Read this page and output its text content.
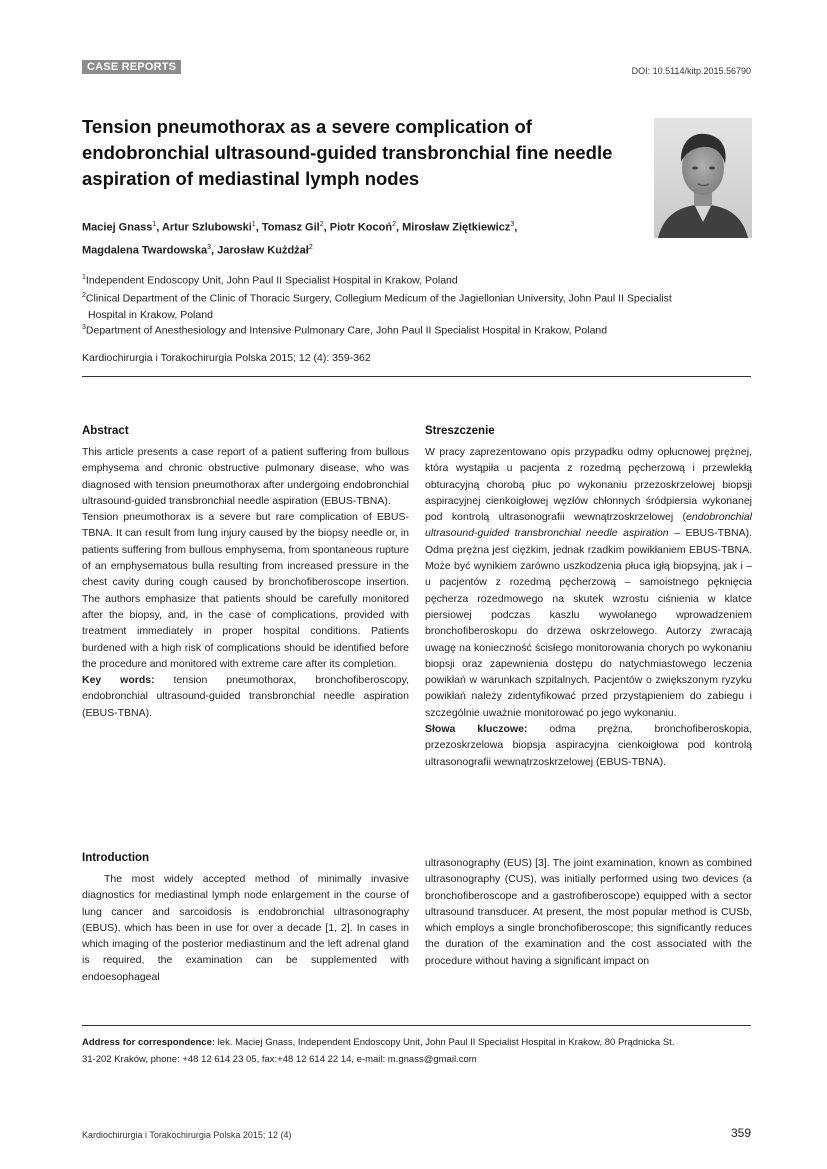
CASE REPORTS	DOI: 10.5114/kitp.2015.56790
Tension pneumothorax as a severe complication of endobronchial ultrasound-guided transbronchial fine needle aspiration of mediastinal lymph nodes
Maciej Gnass$^1$, Artur Szlubowski$^1$, Tomasz Gil$^2$, Piotr Kocoń$^2$, Mirosław Ziętkiewicz$^3$,
Magdalena Twardowska$^3$, Jarosław Kużdżał$^2$
$^1$Independent Endoscopy Unit, John Paul II Specialist Hospital in Krakow, Poland
$^2$Clinical Department of the Clinic of Thoracic Surgery, Collegium Medicum of the Jagiellonian University, John Paul II Specialist
Hospital in Krakow, Poland
$^3$Department of Anesthesiology and Intensive Pulmonary Care, John Paul II Specialist Hospital in Krakow, Poland
Kardiochirurgia i Torakochirurgia Polska 2015; 12 (4): 359-362
Abstract

This article presents a case report of a patient suffering from bullous emphysema and chronic obstructive pulmonary disease, who was diagnosed with tension pneumothorax after undergoing endobronchial ultrasound-guided transbronchial needle aspiration (EBUS-TBNA).

Tension pneumothorax is a severe but rare complication of EBUS-TBNA. It can result from lung injury caused by the biopsy needle or, in patients suffering from bullous emphysema, from spontaneous rupture of an emphysematous bulla resulting from increased pressure in the chest cavity during cough caused by bronchofiberoscope insertion. The authors emphasize that patients should be carefully monitored after the biopsy, and, in the case of complications, provided with treatment immediately in proper hospital conditions. Patients burdened with a high risk of complications should be identified before the procedure and monitored with extreme care after its completion.

Key words: tension pneumothorax, bronchofiberoscopy, endobronchial ultrasound-guided transbronchial needle aspiration (EBUS-TBNA).

Streszczenie

W pracy zaprezentowano opis przypadku odmy opłucnowej prężnej, która wystąpiła u pacjenta z rozedmą pęcherzową i przewlekłą obturacyjną chorobą płuc po wykonaniu przezoskrzelowej biopsji aspiracyjnej cienkoigłowej węzłów chłonnych śródpiersia wykonanej pod kontrolą ultrasonografii wewnątrzoskrzelowej (endobronchial ultrasound-guided transbronchial needle aspiration – EBUS-TBNA). Odma prężna jest ciężkim, jednak rzadkim powikłaniem EBUS-TBNA. Może być wynikiem zarówno uszkodzenia płuca igłą biopsyjną, jak i – u pacjentów z rozedmą pęcherzową – samoistnego pęknięcia pęcherza rozedmowego na skutek wzrostu ciśnienia w klatce piersiowej podczas kaszlu wywołanego wprowadzeniem bronchofiberoskopu do drzewa oskrzelowego. Autorzy zwracają uwagę na konieczność ścisłego monitorowania chorych po wykonaniu biopsji oraz zapewnienia dostępu do natychmiastowego leczenia powikłań w warunkach szpitalnych. Pacjentów o zwiększonym ryzyku powikłań należy zidentyfikować przed przystąpieniem do zabiegu i szczególnie uważnie monitorować po jego wykonaniu.

Słowa kluczowe: odma prężna, bronchofiberoskopia, przezoskrzelowa biopsja aspiracyjna cienkoigłowa pod kontrolą ultrasonografii wewnątrzoskrzelowej (EBUS-TBNA).

Introduction
The most widely accepted method of minimally invasive diagnostics for mediastinal lymph node enlargement in the course of lung cancer and sarcoidosis is endobronchial ultrasonography (EBUS), which has been in use for over a decade [1, 2]. In cases in which imaging of the posterior mediastinum and the left adrenal gland is required, the examination can be supplemented with endoesophageal
ultrasonography (EUS) [3]. The joint examination, known as combined ultrasonography (CUS), was initially performed using two devices (a bronchofiberoscope and a gastrofiberoscope) equipped with a sector ultrasound transducer. At present, the most popular method is CUSb, which employs a single bronchofiberoscope; this significantly reduces the duration of the examination and the cost associated with the procedure without having a significant impact on
Address for correspondence: lek. Maciej Gnass, Independent Endoscopy Unit, John Paul II Specialist Hospital in Krakow, 80 Prądnicka St.
31-202 Kraków, phone: +48 12 614 23 05, fax:+48 12 614 22 14, e-mail: m.gnass@gmail.com
Kardiochirurgia i Torakochirurgia Polska 2015; 12 (4)	359
